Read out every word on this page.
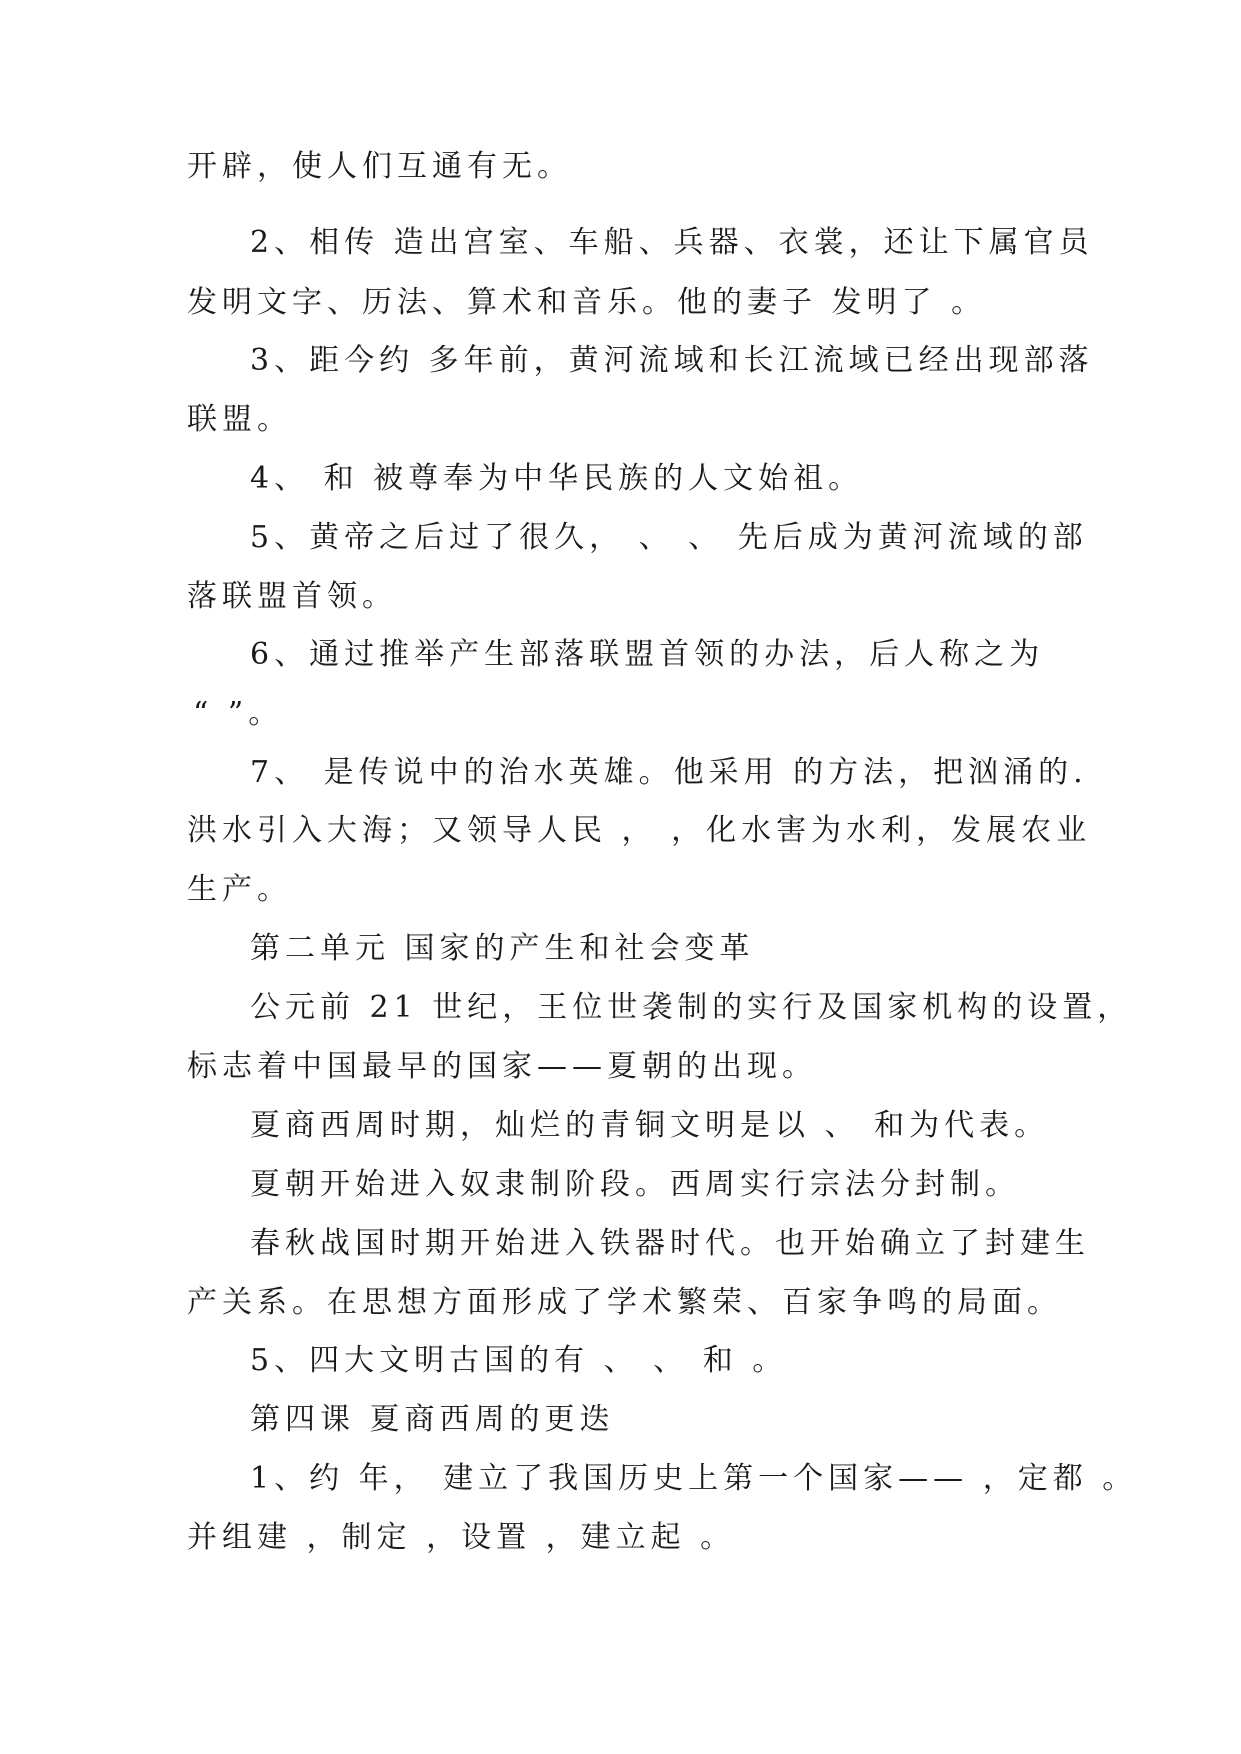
开辟，使人们互通有无。
2、相传 造出宫室、车船、兵器、衣裳，还让下属官员
发明文字、历法、算术和音乐。他的妻子 发明了 。
3、距今约 多年前，黄河流域和长江流域已经出现部落
联盟。
4、 和 被尊奉为中华民族的人文始祖。
5、黄帝之后过了很久， 、 、 先后成为黄河流域的部
落联盟首领。
6、通过推举产生部落联盟首领的办法，后人称之为
“ ”。
7、 是传说中的治水英雄。他采用 的方法，把汹涌的.
洪水引入大海；又领导人民 ， ，化水害为水利，发展农业
生产。
第二单元 国家的产生和社会变革
公元前 21 世纪，王位世袭制的实行及国家机构的设置，
标志着中国最早的国家——夏朝的出现。
夏商西周时期，灿烂的青铜文明是以 、 和为代表。
夏朝开始进入奴隶制阶段。西周实行宗法分封制。
春秋战国时期开始进入铁器时代。也开始确立了封建生
产关系。在思想方面形成了学术繁荣、百家争鸣的局面。
5、四大文明古国的有 、 、 和 。
第四课 夏商西周的更迭
1、约 年， 建立了我国历史上第一个国家—— ，定都 。
并组建 ，制定 ，设置 ，建立起 。
